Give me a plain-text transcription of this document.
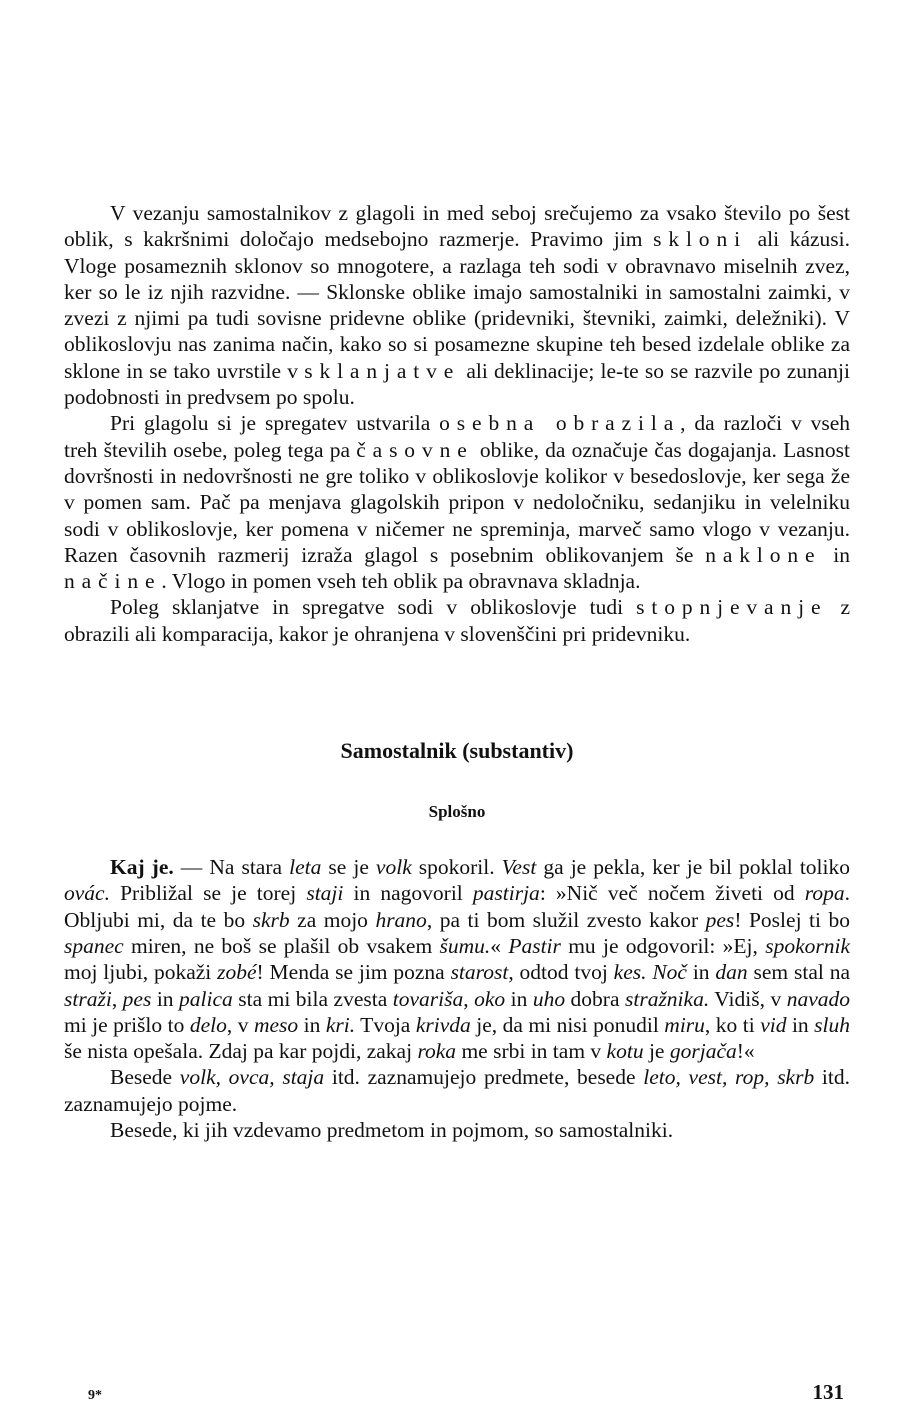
V vezanju samostalnikov z glagoli in med seboj srečujemo za vsako število po šest oblik, s kakršnimi določajo medsebojno razmerje. Pravimo jim skloni ali kázusi. Vloge posameznih sklonov so mnogotere, a razlaga teh sodi v obravnavo miselnih zvez, ker so le iz njih razvidne. — Sklonske oblike imajo samostalniki in samostalni zaimki, v zvezi z njimi pa tudi sovisne pridevne oblike (pridevniki, števniki, zaimki, deležniki). V oblikoslovju nas zanima način, kako so si posamezne skupine teh besed izdelale oblike za sklone in se tako uvrstile v sklanjatve ali deklinacije; le-te so se razvile po zunanji podobnosti in predvsem po spolu.

Pri glagolu si je spregatev ustvarila osebna obrazila, da razloči v vseh treh številih osebe, poleg tega pa časovne oblike, da označuje čas dogajanja. Lasnost dovršnosti in nedovršnosti ne gre toliko v oblikoslovje kolikor v besedoslovje, ker sega že v pomen sam. Pač pa menjava glagolskih pripon v nedoločniku, sedanjiku in velelniku sodi v oblikoslovje, ker pomena v ničemer ne spreminja, marveč samo vlogo v vezanju. Razen časovnih razmerij izraža glagol s posebnim oblikovanjem še naklone in načine. Vlogo in pomen vseh teh oblik pa obravnava skladnja.

Poleg sklanjatve in spregatve sodi v oblikoslovje tudi stopnjevanje z obrazili ali komparacija, kakor je ohranjena v slovenščini pri pridevniku.

Samostalnik (substantiv)
Splošno

Kaj je. — Na stara leta se je volk spokoril. Vest ga je pekla, ker je bil poklal toliko ovác. Približal se je torej staji in nagovoril pastirja: »Nič več nočem živeti od ropa. Obljubi mi, da te bo skrb za mojo hrano, pa ti bom služil zvesto kakor pes! Poslej ti bo spanec miren, ne boš se plašil ob vsakem šumu.« Pastir mu je odgovoril: »Ej, spokornik moj ljubi, pokaži zobé! Menda se jim pozna starost, odtod tvoj kes. Noč in dan sem stal na straži, pes in palica sta mi bila zvesta tovariša, oko in uho dobra stražnika. Vidiš, v navado mi je prišlo to delo, v meso in kri. Tvoja krivda je, da mi nisi ponudil miru, ko ti vid in sluh še nista opešala. Zdaj pa kar pojdi, zakaj roka me srbi in tam v kotu je gorjača!«

Besede volk, ovca, staja itd. zaznamujejo predmete, besede leto, vest, rop, skrb itd. zaznamujejo pojme.

Besede, ki jih vzdevamo predmetom in pojmom, so samostalniki.

9*	131
